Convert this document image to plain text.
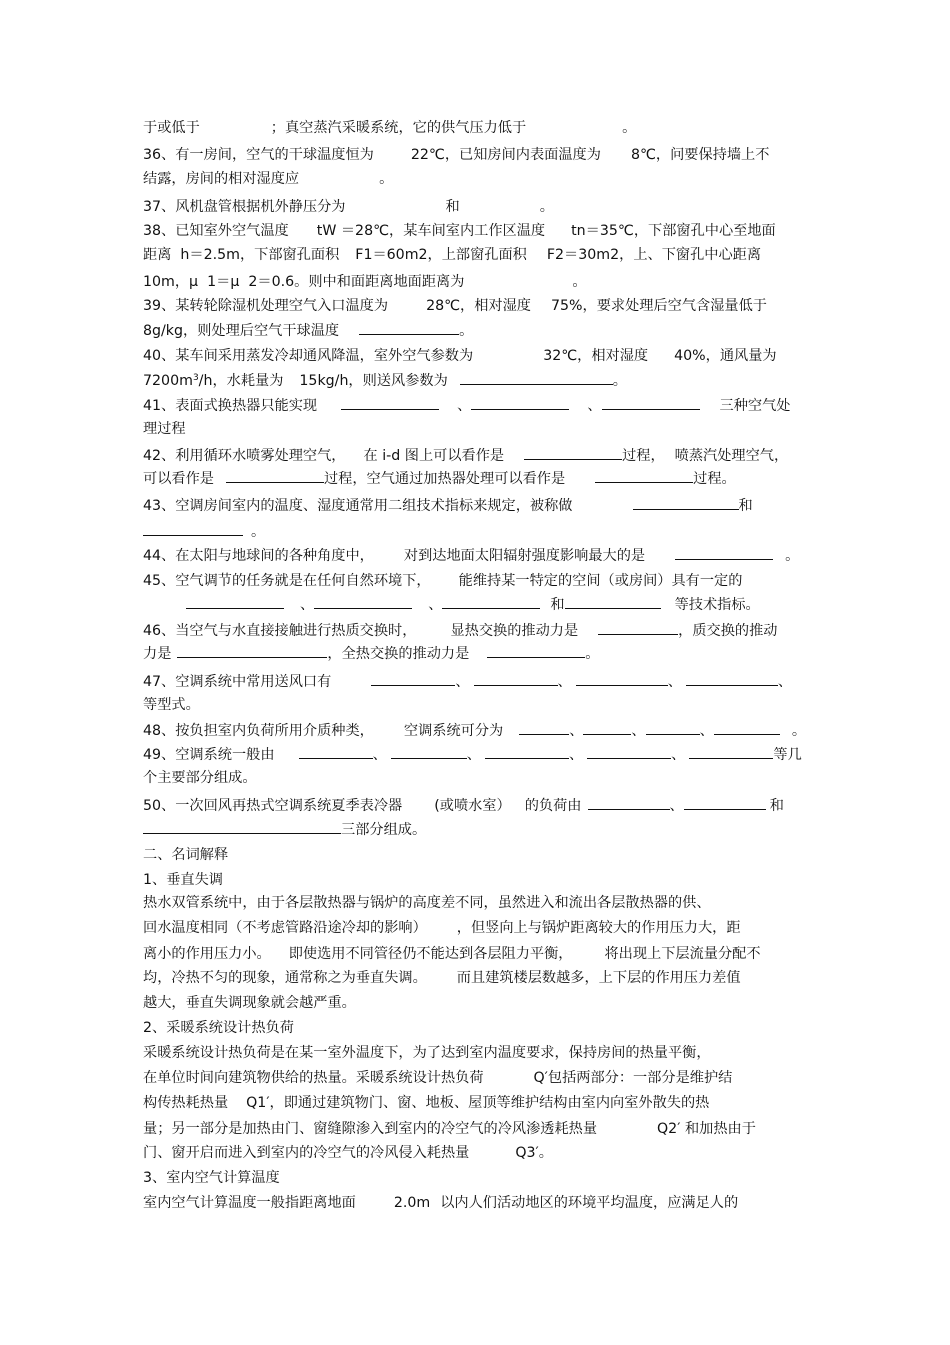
于或低于	；真空蒸汽采暖系统，它的供气压力低于	。
36、有一房间，空气的干球温度恒为	22℃，已知房间内表面温度为 8℃，问要保持墙上不
结露，房间的相对湿度应	。
37、风机盘管根据机外静压分为	和	。
38、已知室外空气温度 tW ＝28℃，某车间室内工作区温度 tn＝35℃，下部窗孔中心至地面
距离  h＝2.5m，下部窗孔面积 F1＝60m2，上部窗孔面积 F2＝30m2，上、下窗孔中心距离
10m，μ  1＝μ  2＝0.6。则中和面距离地面距离为	。
39、某转轮除湿机处理空气入口温度为	28℃，相对湿度 75%，要求处理后空气含湿量低于
8g/kg，则处理后空气干球温度	。
40、某车间采用蒸发冷却通风降温，室外空气参数为	32℃，相对湿度 40%，通风量为
$7200m^3/h$，水耗量为 15kg/h，则送风参数为	。
41、表面式换热器只能实现	、	、	三种空气处
理过程
42、利用循环水喷雾处理空气， 在 i-d 图上可以看作是	过程， 喷蒸汽处理空气，
可以看作是	过程，空气通过加热器处理可以看作是	过程。
43、空调房间室内的温度、湿度通常用二组技术指标来规定，被称做	和
。
44、在太阳与地球间的各种角度中， 对到达地面太阳辐射强度影响最大的是	。
45、空气调节的任务就是在任何自然环境下， 能维持某一特定的空间（或房间）具有一定的
、	、	和	等技术指标。
46、当空气与水直接接触进行热质交换时， 显热交换的推动力是	，质交换的推动
力是	，全热交换的推动力是	。
47、空调系统中常用送风口有	、	、	、	、
等型式。
48、按负担室内负荷所用介质种类， 空调系统可分为	、	、	、	。
49、空调系统一般由	、	、	、	、	等几
个主要部分组成。
50、一次回风再热式空调系统夏季表冷器 (或喷水室） 的负荷由	、	和
三部分组成。
二、名词解释
1、垂直失调
热水双管系统中，由于各层散热器与锅炉的高度差不同，虽然进入和流出各层散热器的供、
回水温度相同（不考虑管路沿途冷却的影响） ，但竖向上与锅炉距离较大的作用压力大，距
离小的作用压力小。 即使选用不同管径仍不能达到各层阻力平衡， 将出现上下层流量分配不
均，冷热不匀的现象，通常称之为垂直失调。 而且建筑楼层数越多，上下层的作用压力差值
越大，垂直失调现象就会越严重。
2、采暖系统设计热负荷
采暖系统设计热负荷是在某一室外温度下，为了达到室内温度要求，保持房间的热量平衡，
在单位时间向建筑物供给的热量。采暖系统设计热负荷	Q′包括两部分：一部分是维护结
构传热耗热量 Q1′，即通过建筑物门、窗、地板、屋顶等维护结构由室内向室外散失的热
量；另一部分是加热由门、窗缝隙渗入到室内的冷空气的冷风渗透耗热量	Q2′ 和加热由于
门、窗开启而进入到室内的冷空气的冷风侵入耗热量	Q3′。
3、室内空气计算温度
室内空气计算温度一般指距离地面	2.0m 以内人们活动地区的环境平均温度，应满足人的
